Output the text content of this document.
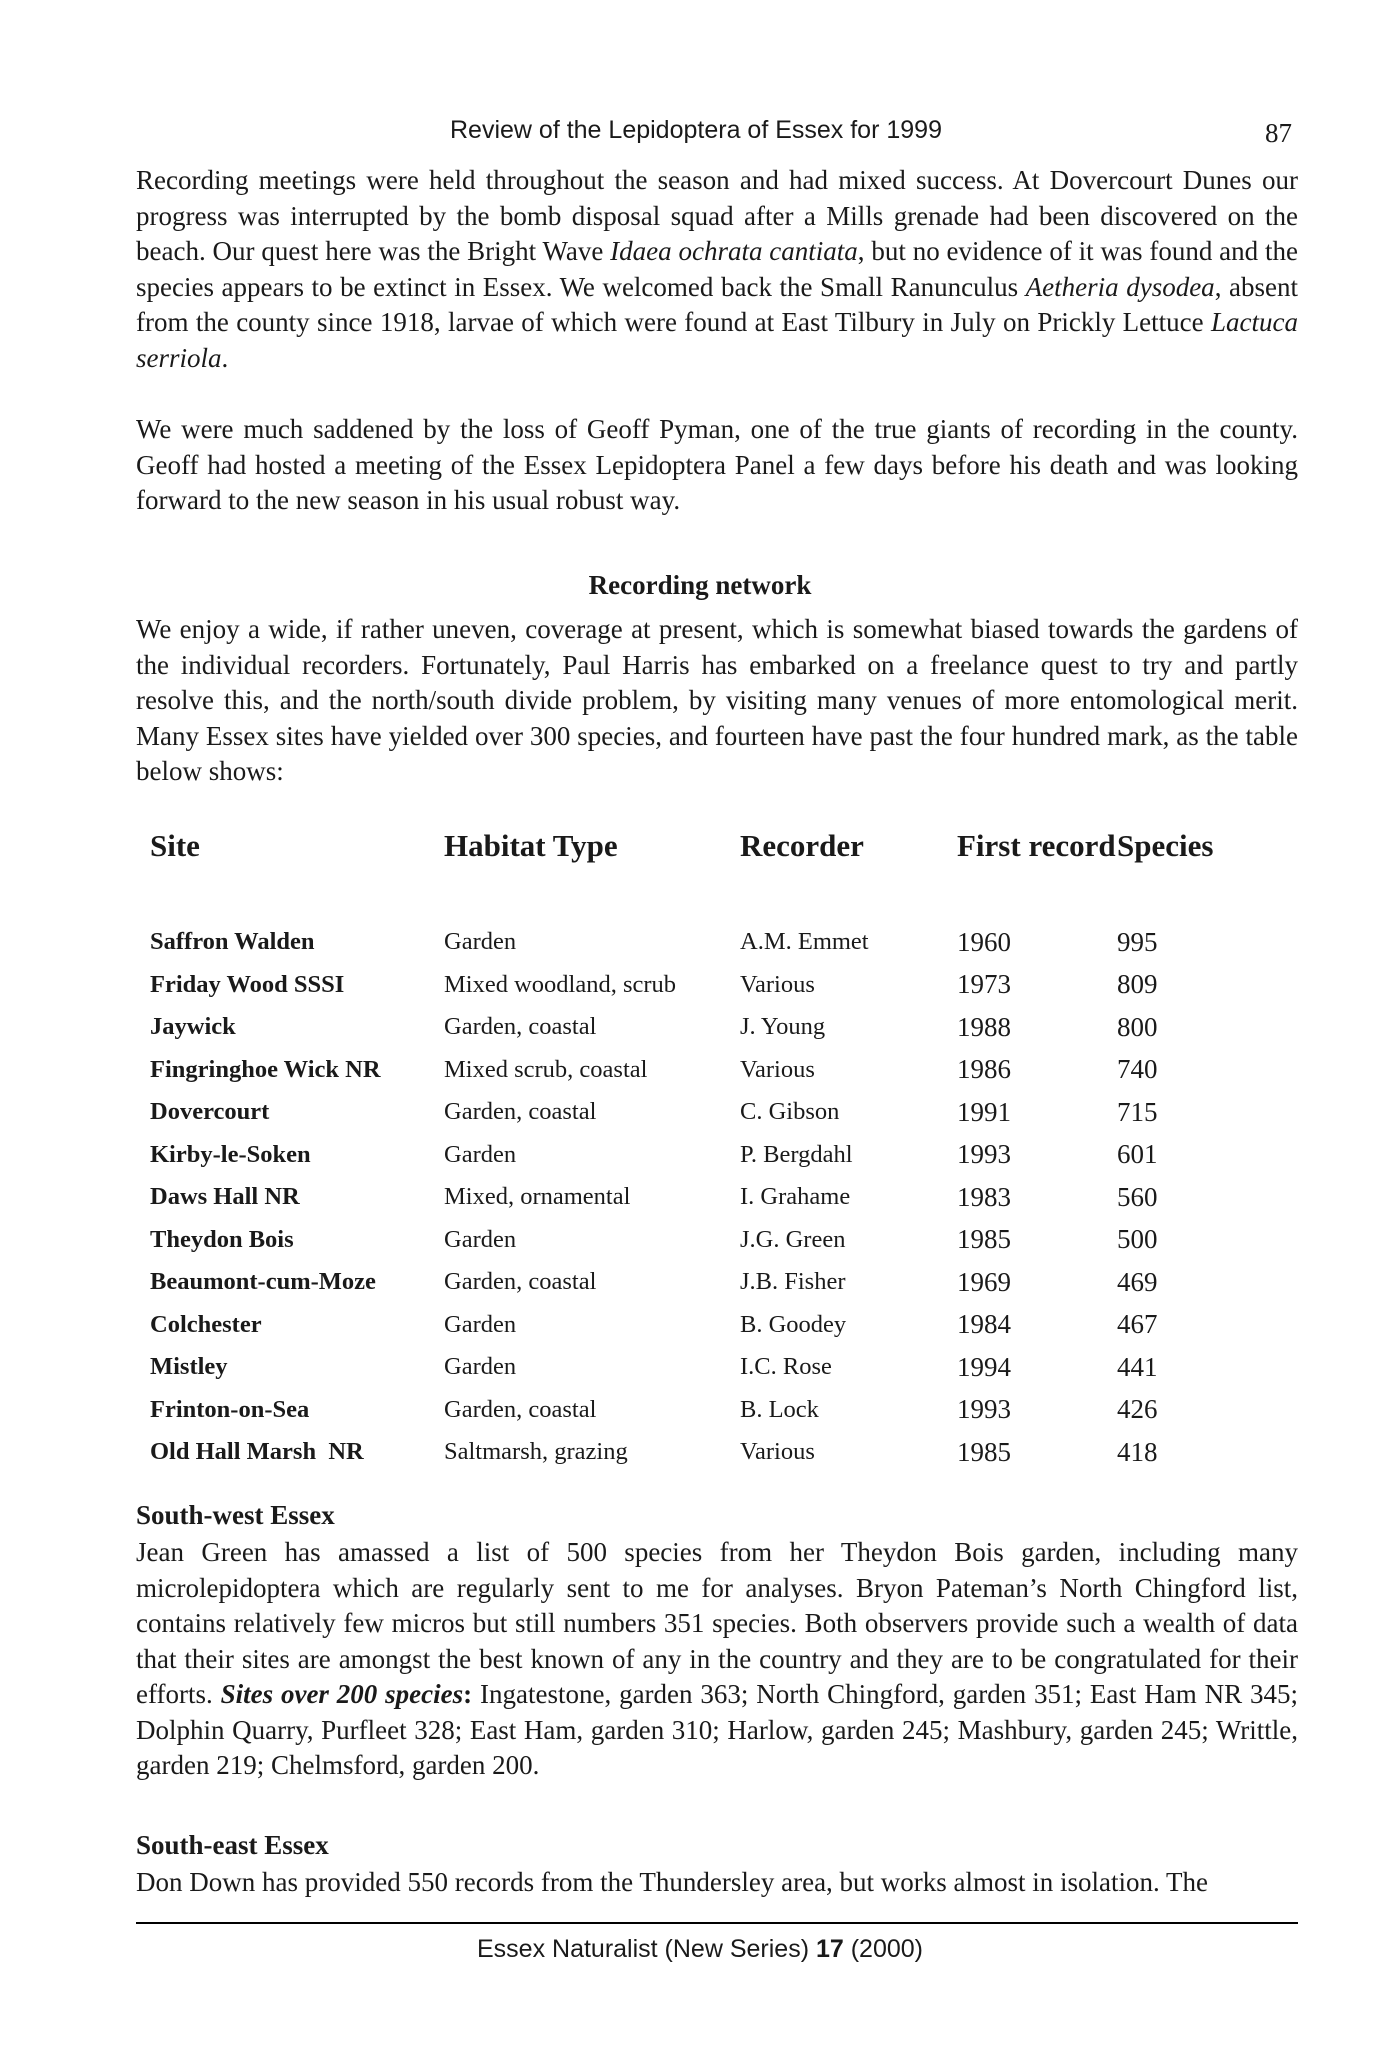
Review of the Lepidoptera of Essex for 1999	87

Recording meetings were held throughout the season and had mixed success. At Dovercourt Dunes our progress was interrupted by the bomb disposal squad after a Mills grenade had been discovered on the beach. Our quest here was the Bright Wave Idaea ochrata cantiata, but no evidence of it was found and the species appears to be extinct in Essex. We welcomed back the Small Ranunculus Aetheria dysodea, absent from the county since 1918, larvae of which were found at East Tilbury in July on Prickly Lettuce Lactuca serriola.

We were much saddened by the loss of Geoff Pyman, one of the true giants of recording in the county. Geoff had hosted a meeting of the Essex Lepidoptera Panel a few days before his death and was looking forward to the new season in his usual robust way.

Recording network

We enjoy a wide, if rather uneven, coverage at present, which is somewhat biased towards the gardens of the individual recorders. Fortunately, Paul Harris has embarked on a freelance quest to try and partly resolve this, and the north/south divide problem, by visiting many venues of more entomological merit. Many Essex sites have yielded over 300 species, and fourteen have past the four hundred mark, as the table below shows:

Site	Habitat Type	Recorder	First record	Species
Saffron Walden	Garden	A.M. Emmet	1960	995
Friday Wood SSSI	Mixed woodland, scrub	Various	1973	809
Jaywick	Garden, coastal	J. Young	1988	800
Fingringhoe Wick NR	Mixed scrub, coastal	Various	1986	740
Dovercourt	Garden, coastal	C. Gibson	1991	715
Kirby-le-Soken	Garden	P. Bergdahl	1993	601
Daws Hall NR	Mixed, ornamental	I. Grahame	1983	560
Theydon Bois	Garden	J.G. Green	1985	500
Beaumont-cum-Moze	Garden, coastal	J.B. Fisher	1969	469
Colchester	Garden	B. Goodey	1984	467
Mistley	Garden	I.C. Rose	1994	441
Frinton-on-Sea	Garden, coastal	B. Lock	1993	426
Old Hall Marsh  NR	Saltmarsh, grazing	Various	1985	418
South-west Essex

Jean Green has amassed a list of 500 species from her Theydon Bois garden, including many microlepidoptera which are regularly sent to me for analyses. Bryon Pateman’s North Chingford list, contains relatively few micros but still numbers 351 species. Both observers provide such a wealth of data that their sites are amongst the best known of any in the country and they are to be congratulated for their efforts. Sites over 200 species: Ingatestone, garden 363; North Chingford, garden 351; East Ham NR 345; Dolphin Quarry, Purfleet 328; East Ham, garden 310; Harlow, garden 245; Mashbury, garden 245; Writtle, garden 219; Chelmsford, garden 200.

South-east Essex

Don Down has provided 550 records from the Thundersley area, but works almost in isolation. The

Essex Naturalist (New Series) 17 (2000)
